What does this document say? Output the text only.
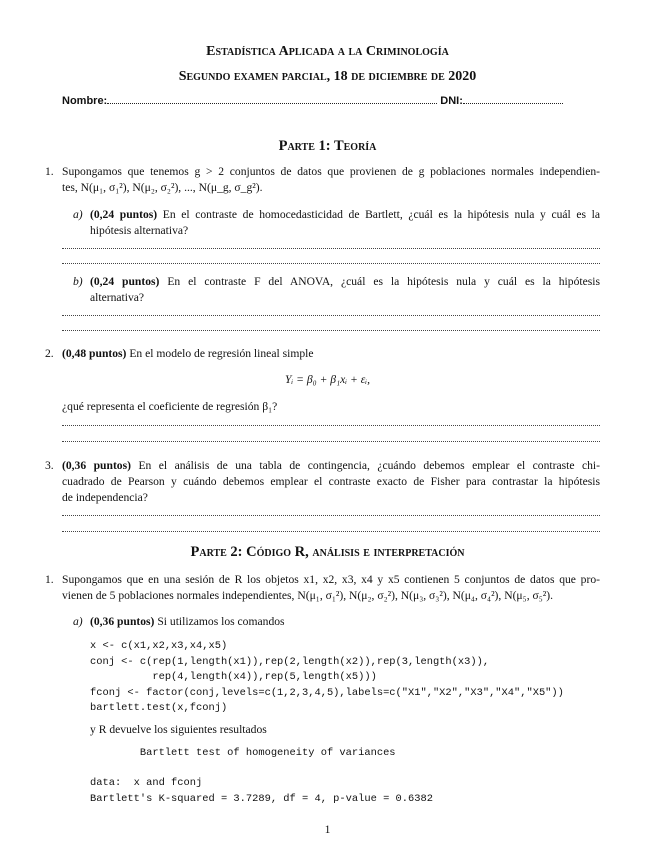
Estadística Aplicada a la Criminología
Segundo examen parcial, 18 de diciembre de 2020
Nombre:	DNI:
Parte 1: Teoría
1. Supongamos que tenemos g > 2 conjuntos de datos que provienen de g poblaciones normales independien-
tes, N(μ₁, σ₁²), N(μ₂, σ₂²), ..., N(μ_g, σ_g²).
a) (0,24 puntos) En el contraste de homocedasticidad de Bartlett, ¿cuál es la hipótesis nula y cuál es la
hipótesis alternativa?
b) (0,24 puntos) En el contraste F del ANOVA, ¿cuál es la hipótesis nula y cuál es la hipótesis
alternativa?
2. (0,48 puntos) En el modelo de regresión lineal simple
Yᵢ = β₀ + β₁xᵢ + εᵢ,
¿qué representa el coeficiente de regresión β₁?
3. (0,36 puntos) En el análisis de una tabla de contingencia, ¿cuándo debemos emplear el contraste chi-
cuadrado de Pearson y cuándo debemos emplear el contraste exacto de Fisher para contrastar la hipótesis
de independencia?
Parte 2: Código R, análisis e interpretación
1. Supongamos que en una sesión de R los objetos x1, x2, x3, x4 y x5 contienen 5 conjuntos de datos que pro-
vienen de 5 poblaciones normales independientes, N(μ₁, σ₁²), N(μ₂, σ₂²), N(μ₃, σ₃²), N(μ₄, σ₄²), N(μ₅, σ₅²).
a) (0,36 puntos) Si utilizamos los comandos
x <- c(x1,x2,x3,x4,x5)
conj <- c(rep(1,length(x1)),rep(2,length(x2)),rep(3,length(x3)),
rep(4,length(x4)),rep(5,length(x5)))
fconj <- factor(conj,levels=c(1,2,3,4,5),labels=c("X1","X2","X3","X4","X5"))
bartlett.test(x,fconj)
y R devuelve los siguientes resultados
Bartlett test of homogeneity of variances
data:  x and fconj
Bartlett's K-squared = 3.7289, df = 4, p-value = 0.6382
1
